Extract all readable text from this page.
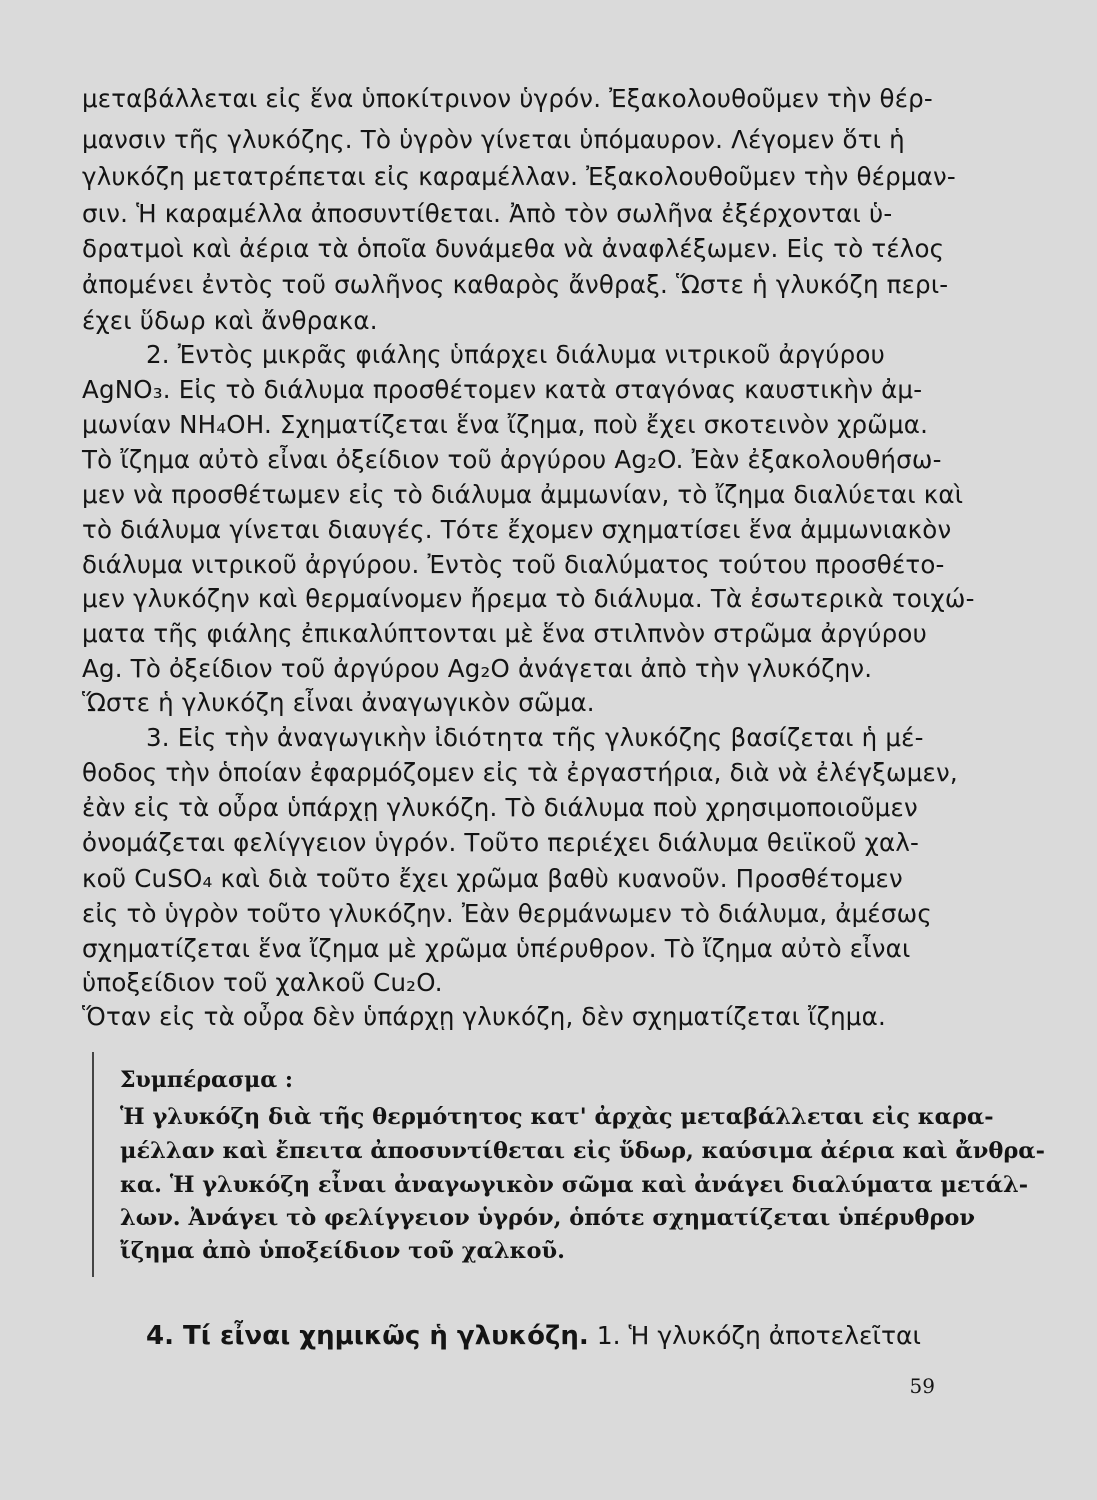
μεταβάλλεται εἰς ἕνα ὑποκίτρινον ὑγρόν. Ἐξακολουθοῦμεν τὴν θέρ-
μανσιν τῆς γλυκόζης. Τὸ ὑγρὸν γίνεται ὑπόμαυρον. Λέγομεν ὅτι ἡ
γλυκόζη μετατρέπεται εἰς καραμέλλαν. Ἐξακολουθοῦμεν τὴν θέρμαν-
σιν. Ἡ καραμέλλα ἀποσυντίθεται. Ἀπὸ τὸν σωλῆνα ἐξέρχονται ὑ-
δρατμοὶ καὶ ἀέρια τὰ ὁποῖα δυνάμεθα νὰ ἀναφλέξωμεν. Εἰς τὸ τέλος
ἀπομένει ἐντὸς τοῦ σωλῆνος καθαρὸς ἄνθραξ. Ὥστε ἡ γλυκόζη περι-
έχει ὕδωρ καὶ ἄνθρακα.
2. Ἐντὸς μικρᾶς φιάλης ὑπάρχει διάλυμα νιτρικοῦ ἀργύρου
AgNO₃. Εἰς τὸ διάλυμα προσθέτομεν κατὰ σταγόνας καυστικὴν ἀμ-
μωνίαν NH₄OH. Σχηματίζεται ἕνα ἴζημα, ποὺ ἔχει σκοτεινὸν χρῶμα.
Τὸ ἴζημα αὐτὸ εἶναι ὀξείδιον τοῦ ἀργύρου Ag₂O. Ἐὰν ἐξακολουθήσω-
μεν νὰ προσθέτωμεν εἰς τὸ διάλυμα ἀμμωνίαν, τὸ ἴζημα διαλύεται καὶ
τὸ διάλυμα γίνεται διαυγές. Τότε ἔχομεν σχηματίσει ἕνα ἀμμωνιακὸν
διάλυμα νιτρικοῦ ἀργύρου. Ἐντὸς τοῦ διαλύματος τούτου προσθέτο-
μεν γλυκόζην καὶ θερμαίνομεν ἤρεμα τὸ διάλυμα. Τὰ ἐσωτερικὰ τοιχώ-
ματα τῆς φιάλης ἐπικαλύπτονται μὲ ἕνα στιλπνὸν στρῶμα ἀργύρου
Ag. Τὸ ὀξείδιον τοῦ ἀργύρου Ag₂O ἀνάγεται ἀπὸ τὴν γλυκόζην.
Ὥστε ἡ γλυκόζη εἶναι ἀναγωγικὸν σῶμα.
3. Εἰς τὴν ἀναγωγικὴν ἰδιότητα τῆς γλυκόζης βασίζεται ἡ μέ-
θοδος τὴν ὁποίαν ἐφαρμόζομεν εἰς τὰ ἐργαστήρια, διὰ νὰ ἐλέγξωμεν,
ἐὰν εἰς τὰ οὖρα ὑπάρχῃ γλυκόζη. Τὸ διάλυμα ποὺ χρησιμοποιοῦμεν
ὀνομάζεται φελίγγειον ὑγρόν. Τοῦτο περιέχει διάλυμα θειϊκοῦ χαλ-
κοῦ CuSO₄ καὶ διὰ τοῦτο ἔχει χρῶμα βαθὺ κυανοῦν. Προσθέτομεν
εἰς τὸ ὑγρὸν τοῦτο γλυκόζην. Ἐὰν θερμάνωμεν τὸ διάλυμα, ἀμέσως
σχηματίζεται ἕνα ἴζημα μὲ χρῶμα ὑπέρυθρον. Τὸ ἴζημα αὐτὸ εἶναι
ὑποξείδιον τοῦ χαλκοῦ Cu₂O.
Ὅταν εἰς τὰ οὖρα δὲν ὑπάρχῃ γλυκόζη, δὲν σχηματίζεται ἴζημα.
Συμπέρασμα :
Ἡ γλυκόζη διὰ τῆς θερμότητος κατ' ἀρχὰς μεταβάλλεται εἰς καρα-
μέλλαν καὶ ἔπειτα ἀποσυντίθεται εἰς ὕδωρ, καύσιμα ἀέρια καὶ ἄνθρα-
κα. Ἡ γλυκόζη εἶναι ἀναγωγικὸν σῶμα καὶ ἀνάγει διαλύματα μετάλ-
λων. Ἀνάγει τὸ φελίγγειον ὑγρόν, ὁπότε σχηματίζεται ὑπέρυθρον
ἴζημα ἀπὸ ὑποξείδιον τοῦ χαλκοῦ.
4. Τί εἶναι χημικῶς ἡ γλυκόζη. 1. Ἡ γλυκόζη ἀποτελεῖται
59
